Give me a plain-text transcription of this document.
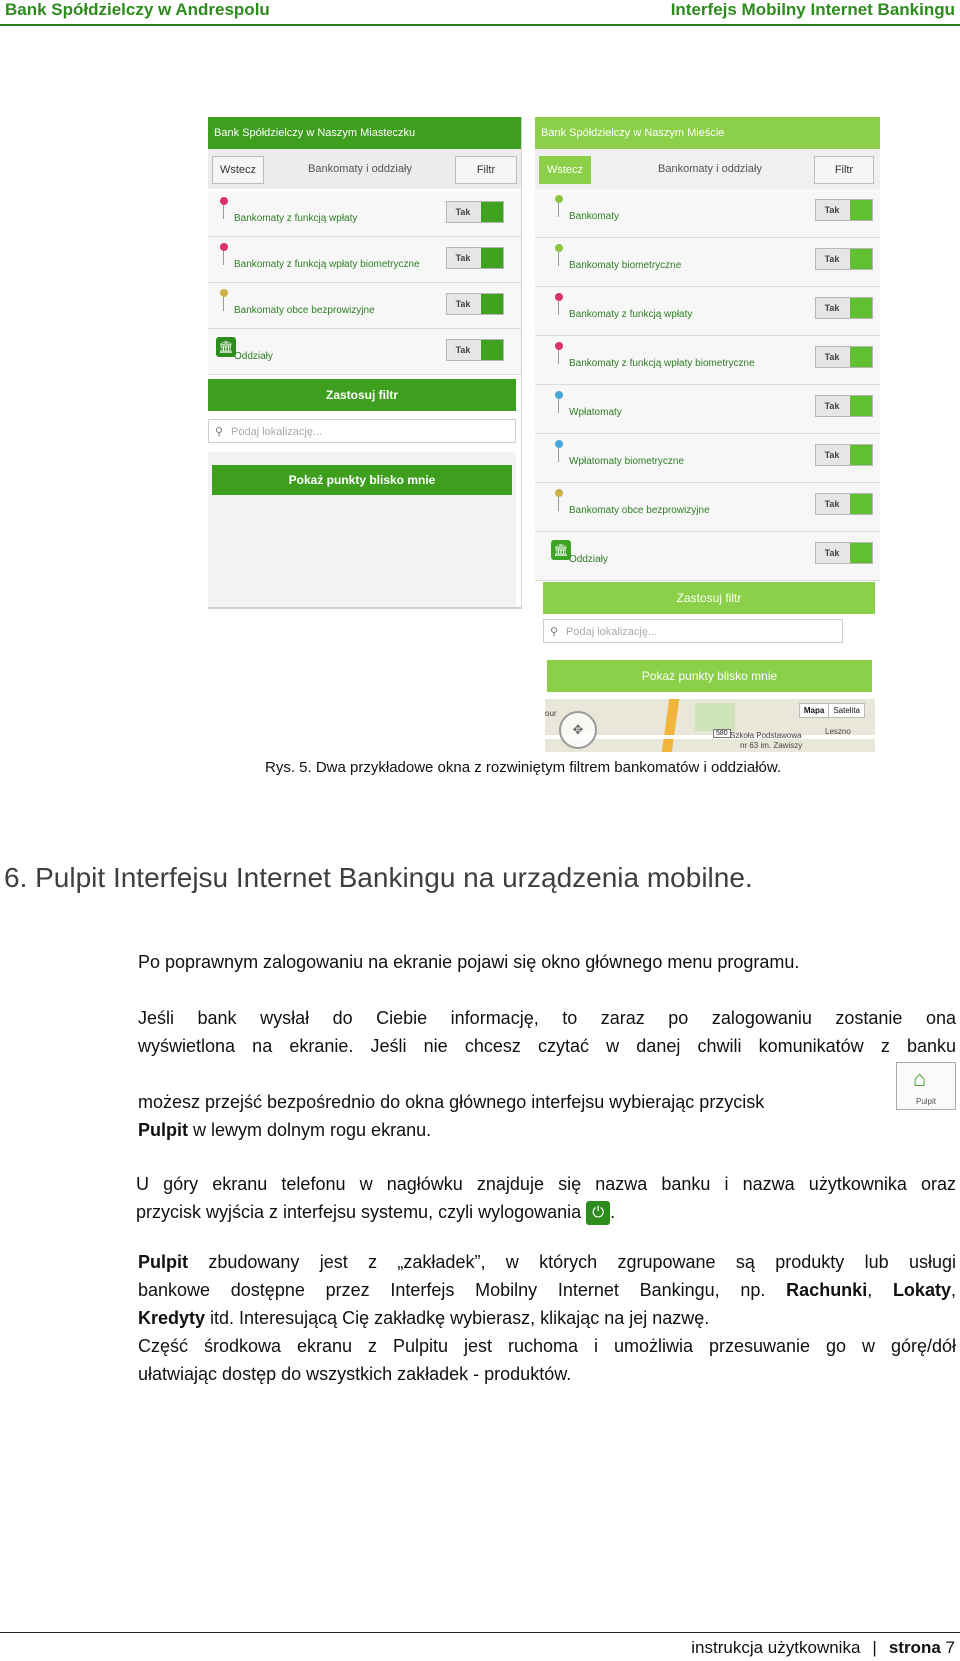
Bank Spółdzielczy w Andrespolu	Interfejs Mobilny Internet Bankingu
Bank Spółdzielczy w Naszym Miasteczku
Wstecz	Bankomaty i oddziały	Filtr
Bankomaty z funkcją wpłaty
Tak
Bankomaty z funkcją wpłaty biometryczne
Tak
Bankomaty obce bezprowizyjne
Tak
🏛
Oddziały
Tak
Zastosuj filtr
⚲ Podaj lokalizację...
Pokaż punkty blisko mnie
Bank Spółdzielczy w Naszym Mieście
Wstecz	Bankomaty i oddziały	Filtr
Bankomaty
Tak
Bankomaty biometryczne
Tak
Bankomaty z funkcją wpłaty
Tak
Bankomaty z funkcją wpłaty biometryczne
Tak
Wpłatomaty
Tak
Wpłatomaty biometryczne
Tak
Bankomaty obce bezprowizyjne
Tak
🏛
Oddziały
Tak
Zastosuj filtr
⚲ Podaj lokalizację...
Pokaż punkty blisko mnie
✥
Mapa Satelita
our
580 Szkoła Podstawowa
nr 63 im. Zawiszy
Leszno
Rys. 5. Dwa przykładowe okna z rozwiniętym filtrem bankomatów i oddziałów.
6. Pulpit Interfejsu Internet Bankingu na urządzenia mobilne.

Po poprawnym zalogowaniu na ekranie pojawi się okno głównego menu programu.

Jeśli bank wysłał do Ciebie informację, to zaraz po zalogowaniu zostanie ona

wyświetlona na ekranie. Jeśli nie chcesz czytać w danej chwili komunikatów z banku

możesz przejść bezpośrednio do okna głównego interfejsu wybierając przycisk

Pulpit w lewym dolnym rogu ekranu.

⌂
Pulpit

U góry ekranu telefonu w nagłówku znajduje się nazwa banku i nazwa użytkownika oraz

przycisk wyjścia z interfejsu systemu, czyli wylogowania ⏻ .

Pulpit zbudowany jest z „zakładek”, w których zgrupowane są produkty lub usługi

bankowe dostępne przez Interfejs Mobilny Internet Bankingu, np. Rachunki, Lokaty,

Kredyty itd. Interesującą Cię zakładkę wybierasz, klikając na jej nazwę.

Część środkowa ekranu z Pulpitu jest ruchoma i umożliwia przesuwanie go w górę/dół

ułatwiając dostęp do wszystkich zakładek - produktów.

instrukcja użytkownika | strona 7
